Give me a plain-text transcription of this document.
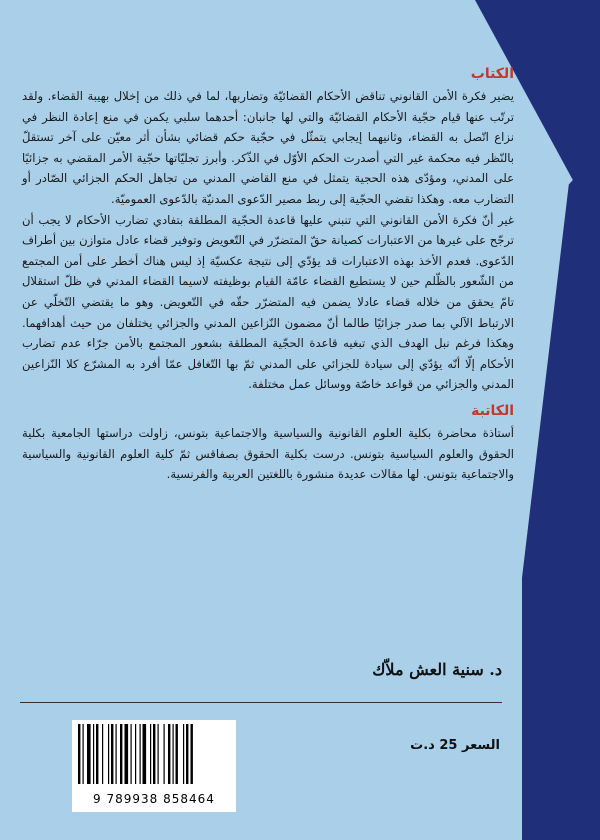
الكتاب

يضير فكرة الأمن القانوني تناقض الأحكام القضائيّة وتضاربها، لما في ذلك من إخلال بهيبة القضاء. ولقد ترتّب عنها قيام حجّية الأحكام القضائيّة والتي لها جانبان: أحدهما سلبي يكمن في منع إعادة النظر في نزاع اتّصل به القضاء، وثانيهما إيجابي يتمثّل في حجّية حكم قضائي بشأن أثر معيّن على آخر تستقلّ بالنّظر فيه محكمة غير التي أصدرت الحكم الأوّل في الذّكر. وأبرز تجليّاتها حجّية الأمر المقضي به جزائيًا على المدني، ومؤدّى هذه الحجية يتمثل في منع القاضي المدني من تجاهل الحكم الجزائي الصّادر أو التضارب معه. وهكذا تقضي الحجّية إلى ربط مصير الدّعوى المدنيّة بالدّعوى العموميّة.

غير أنّ فكرة الأمن القانوني التي تنبني عليها قاعدة الحجّية المطلقة بتفادي تضارب الأحكام لا يجب أن ترجّح على غيرها من الاعتبارات كصيانة حقّ المتضرّر في التّعويض وتوفير قضاء عادل متوازن بين أطراف الدّعوى. فعدم الأخذ بهذه الاعتبارات قد يؤدّي إلى نتيجة عكسيّة إذ ليس هناك أخطر على أمن المجتمع من الشّعور بالظّلم حين لا يستطيع القضاء عامّة القيام بوظيفته لاسيما القضاء المدني في ظلّ استقلال تامّ يحقق من خلاله قضاء عادلا يضمن فيه المتضرّر حقّه في التّعويض. وهو ما يقتضي التّخلّي عن الارتباط الآلي بما صدر جزائيًا طالما أنّ مضمون النّزاعين المدني والجزائي يختلفان من حيث أهدافهما. وهكذا فرغم نبل الهدف الذي تبغيه قاعدة الحجّية المطلقة بشعور المجتمع بالأمن جرّاء عدم تضارب الأحكام إلّا أنّه يؤدّي إلى سيادة للجزائي على المدني ثمّ بها التّغافل عمّا أفرد به المشرّع كلا النّزاعين المدني والجزائي من قواعد خاصّة ووسائل عمل مختلفة.

الكاتبة

أستاذة محاضرة بكلية العلوم القانونية والسياسية والاجتماعية بتونس، زاولت دراستها الجامعية بكلية الحقوق والعلوم السياسية بتونس. درست بكلية الحقوق بصفاقس ثمّ كلية العلوم القانونية والسياسية والاجتماعية بتونس. لها مقالات عديدة منشورة باللغتين العربية والفرنسية.

د. سنية العش ملاّك
9 789938 858464
السعر 25 د.ت
